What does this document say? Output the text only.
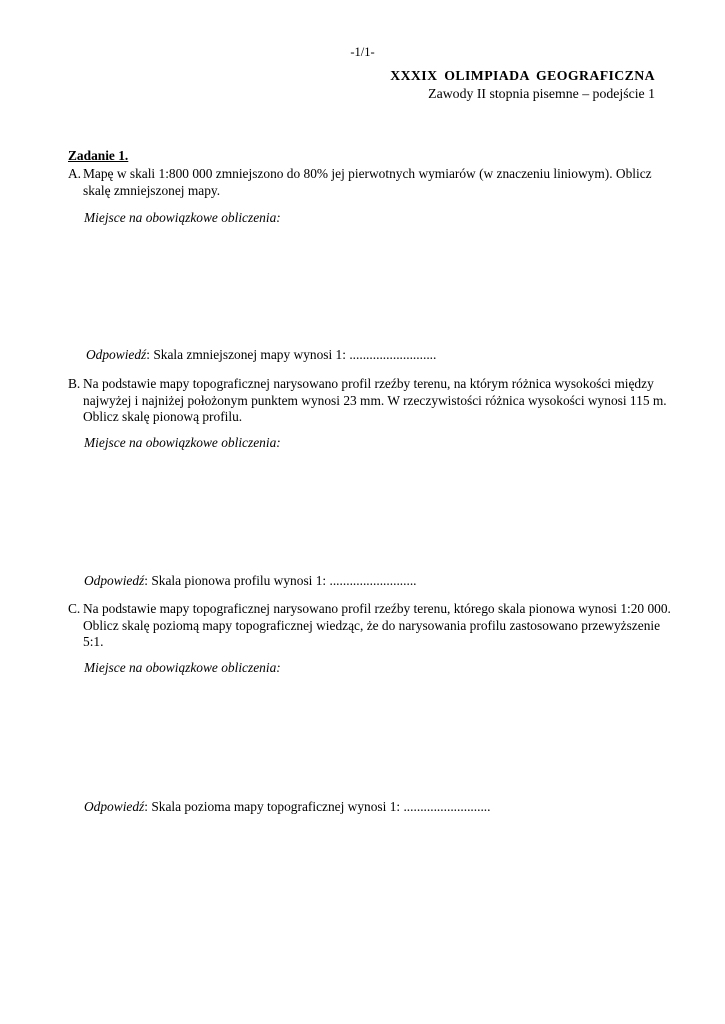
-1/1-
XXXIX OLIMPIADA GEOGRAFICZNA
Zawody II stopnia pisemne – podejście 1
Zadanie 1.
A. Mapę w skali 1:800 000 zmniejszono do 80% jej pierwotnych wymiarów (w znaczeniu liniowym). Oblicz
skalę zmniejszonej mapy.
Miejsce na obowiązkowe obliczenia:
Odpowiedź: Skala zmniejszonej mapy wynosi 1: ..........................
B. Na podstawie mapy topograficznej narysowano profil rzeźby terenu, na którym różnica wysokości między
najwyżej i najniżej położonym punktem wynosi 23 mm. W rzeczywistości różnica wysokości wynosi 115 m.
Oblicz skalę pionową profilu.
Miejsce na obowiązkowe obliczenia:
Odpowiedź: Skala pionowa profilu wynosi 1: ..........................
C. Na podstawie mapy topograficznej narysowano profil rzeźby terenu, którego skala pionowa wynosi 1:20 000.
Oblicz skalę poziomą mapy topograficznej wiedząc, że do narysowania profilu zastosowano przewyższenie
5:1.
Miejsce na obowiązkowe obliczenia:
Odpowiedź: Skala pozioma mapy topograficznej wynosi 1: ..........................
